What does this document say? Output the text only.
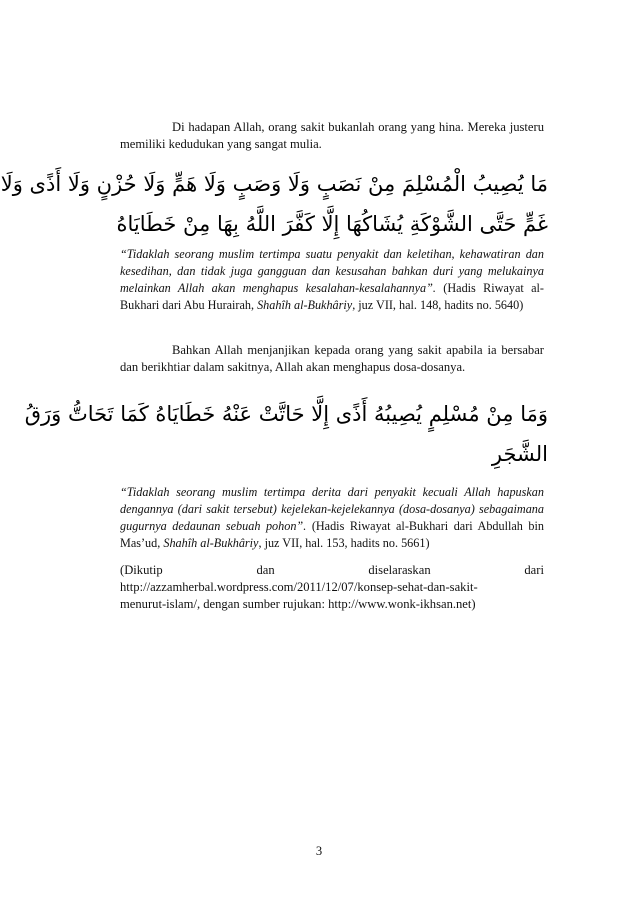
Di hadapan Allah, orang sakit bukanlah orang yang hina. Mereka justeru memiliki kedudukan yang sangat mulia.

مَا يُصِيبُ الْمُسْلِمَ مِنْ نَصَبٍ وَلَا وَصَبٍ وَلَا هَمٍّ وَلَا حُزْنٍ وَلَا أَذًى وَلَا
غَمٍّ حَتَّى الشَّوْكَةِ يُشَاكُهَا إِلَّا كَفَّرَ اللَّهُ بِهَا مِنْ خَطَايَاهُ

“Tidaklah seorang muslim tertimpa suatu penyakit dan keletihan, kehawatiran dan kesedihan, dan tidak juga gangguan dan kesusahan bahkan duri yang melukainya melainkan Allah akan menghapus kesalahan-kesalahannya”. (Hadis Riwayat al-Bukhari dari Abu Hurairah, Shahîh al-Bukhâriy, juz VII, hal. 148, hadits no. 5640)

Bahkan Allah menjanjikan kepada orang yang sakit apabila ia bersabar dan berikhtiar dalam sakitnya, Allah akan menghapus dosa-dosanya.

وَمَا مِنْ مُسْلِمٍ يُصِيبُهُ أَذًى إِلَّا حَاتَّتْ عَنْهُ خَطَايَاهُ كَمَا تَحَاتُّ وَرَقُ
الشَّجَرِ

“Tidaklah seorang muslim tertimpa derita dari penyakit kecuali Allah hapuskan dengannya (dari sakit tersebut) kejelekan-kejelekannya (dosa-dosanya) sebagaimana gugurnya dedaunan sebuah pohon”. (Hadis Riwayat al-Bukhari dari Abdullah bin Mas’ud, Shahîh al-Bukhâriy, juz VII, hal. 153, hadits no. 5661)

(Dikutip	dan	diselaraskan	dari
http://azzamherbal.wordpress.com/2011/12/07/konsep-sehat-dan-sakit-
menurut-islam/, dengan sumber rujukan: http://www.wonk-ikhsan.net)
3
